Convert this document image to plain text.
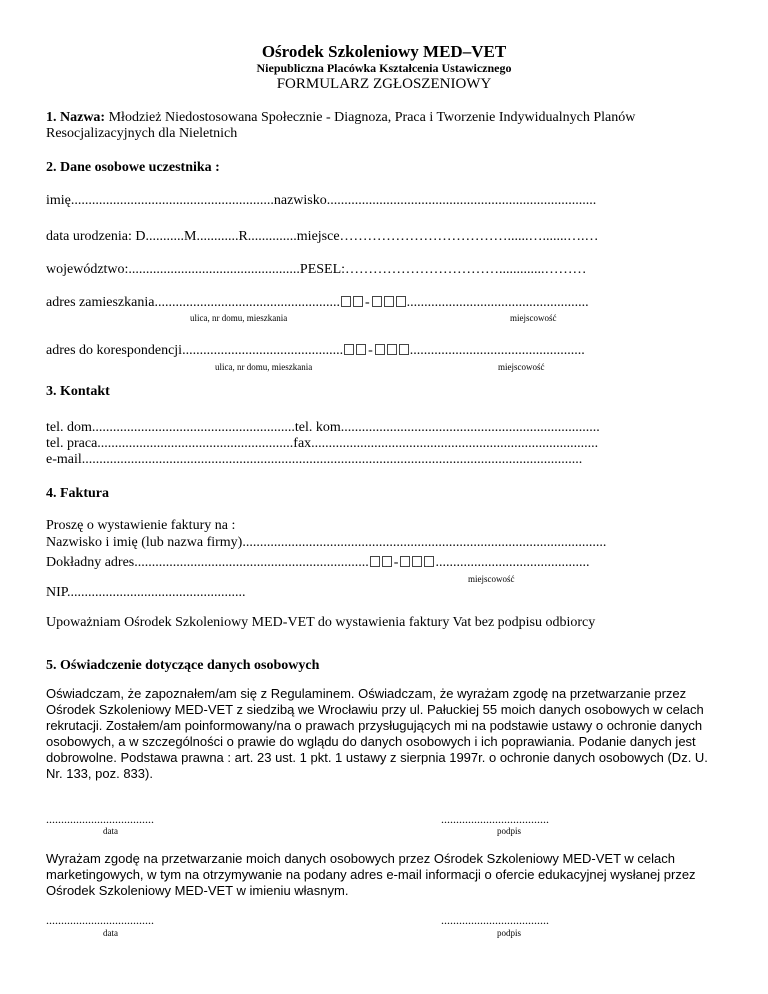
Ośrodek Szkoleniowy MED–VET
Niepubliczna Placówka Kształcenia Ustawicznego
FORMULARZ ZGŁOSZENIOWY
1. Nazwa: Młodzież Niedostosowana Społecznie - Diagnoza, Praca i Tworzenie Indywidualnych Planów
Resocjalizacyjnych dla Nieletnich
2. Dane osobowe uczestnika :
imię..........................................................nazwisko.............................................................................
data urodzenia: D...........M............R..............miejsce………………………………......….......….…
województwo:.................................................PESEL:…………………………….............………
adres zamieszkania..................................................... -	....................................................
ulica, nr domu, mieszkania	miejscowość
adres do korespondencji.............................................. -	..................................................
ulica, nr domu, mieszkania	miejscowość
3. Kontakt
tel. dom..........................................................tel. kom..........................................................................
tel. praca........................................................fax..................................................................................
e-mail...............................................................................................................................................
4. Faktura
Proszę o wystawienie faktury na :
Nazwisko i imię (lub nazwa firmy)........................................................................................................
Dokładny adres................................................................... -	............................................
miejscowość
NIP...................................................
Upoważniam Ośrodek Szkoleniowy MED-VET do wystawienia faktury Vat bez podpisu odbiorcy
5. Oświadczenie dotyczące danych osobowych
Oświadczam, że zapoznałem/am się z Regulaminem. Oświadczam, że wyrażam zgodę na przetwarzanie przez Ośrodek Szkoleniowy MED-VET z siedzibą we Wrocławiu przy ul. Pałuckiej 55 moich danych osobowych w celach rekrutacji. Zostałem/am poinformowany/na o prawach przysługujących mi na podstawie ustawy o ochronie danych osobowych, a w szczególności o prawie do wglądu do danych osobowych i ich poprawiania. Podanie danych jest dobrowolne. Podstawa prawna : art. 23 ust. 1 pkt. 1 ustawy z sierpnia 1997r. o ochronie danych osobowych (Dz. U. Nr. 133, poz. 833).
....................................
data
....................................
podpis
Wyrażam zgodę na przetwarzanie moich danych osobowych przez Ośrodek Szkoleniowy MED-VET w celach marketingowych, w tym na otrzymywanie na podany adres e-mail informacji o ofercie edukacyjnej wysłanej przez Ośrodek Szkoleniowy MED-VET w imieniu własnym.
....................................
data
....................................
podpis
